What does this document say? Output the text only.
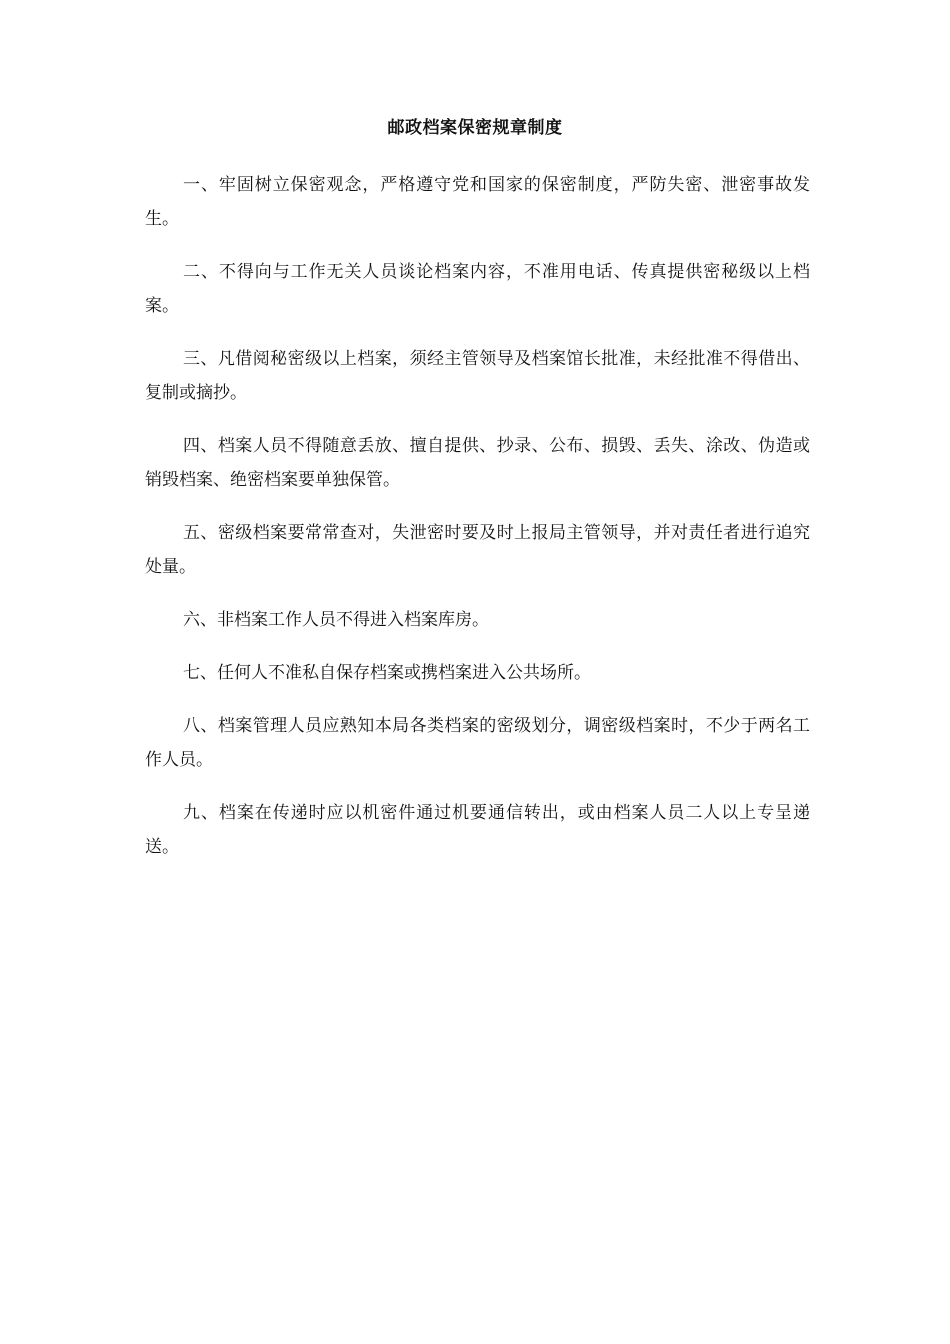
邮政档案保密规章制度

一、牢固树立保密观念，严格遵守党和国家的保密制度，严防失密、泄密事故发生。

二、不得向与工作无关人员谈论档案内容，不准用电话、传真提供密秘级以上档案。

三、凡借阅秘密级以上档案，须经主管领导及档案馆长批准，未经批准不得借出、复制或摘抄。

四、档案人员不得随意丢放、擅自提供、抄录、公布、损毁、丢失、涂改、伪造或销毁档案、绝密档案要单独保管。

五、密级档案要常常查对，失泄密时要及时上报局主管领导，并对责任者进行追究处量。

六、非档案工作人员不得进入档案库房。

七、任何人不准私自保存档案或携档案进入公共场所。

八、档案管理人员应熟知本局各类档案的密级划分，调密级档案时，不少于两名工作人员。

九、档案在传递时应以机密件通过机要通信转出，或由档案人员二人以上专呈递送。
